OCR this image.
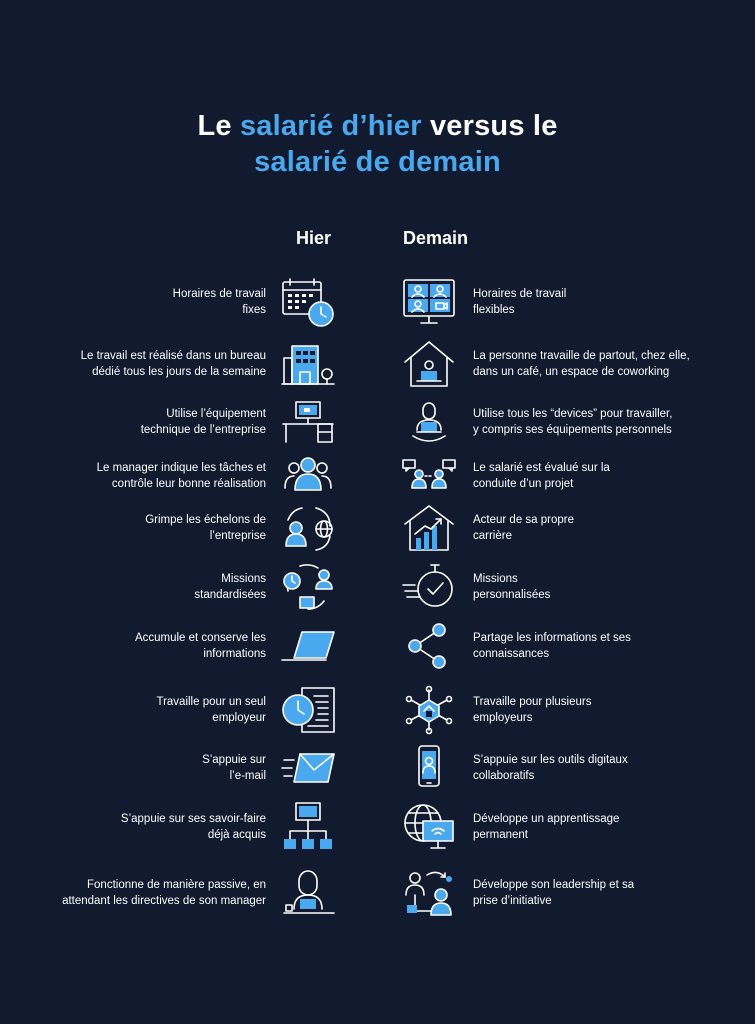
Le salarié d’hier versus le
salarié de demain
Hier	Demain
Horaires de travail
fixes
Horaires de travail
flexibles
Le travail est réalisé dans un bureau
dédié tous les jours de la semaine
La personne travaille de partout, chez elle,
dans un café, un espace de coworking
Utilise l’équipement
technique de l’entreprise
Utilise tous les “devices” pour travailler,
y compris ses équipements personnels
Le manager indique les tâches et
contrôle leur bonne réalisation
Le salarié est évalué sur la
conduite d’un projet
Grimpe les échelons de
l’entreprise
Acteur de sa propre
carrière
Missions
standardisées
Missions
personnalisées
Accumule et conserve les
informations
Partage les informations et ses
connaissances
Travaille pour un seul
employeur
Travaille pour plusieurs
employeurs
S’appuie sur
l’e-mail
S’appuie sur les outils digitaux
collaboratifs
S’appuie sur ses savoir-faire
déjà acquis
Développe un apprentissage
permanent
Fonctionne de manière passive, en
attendant les directives de son manager
Développe son leadership et sa
prise d’initiative
